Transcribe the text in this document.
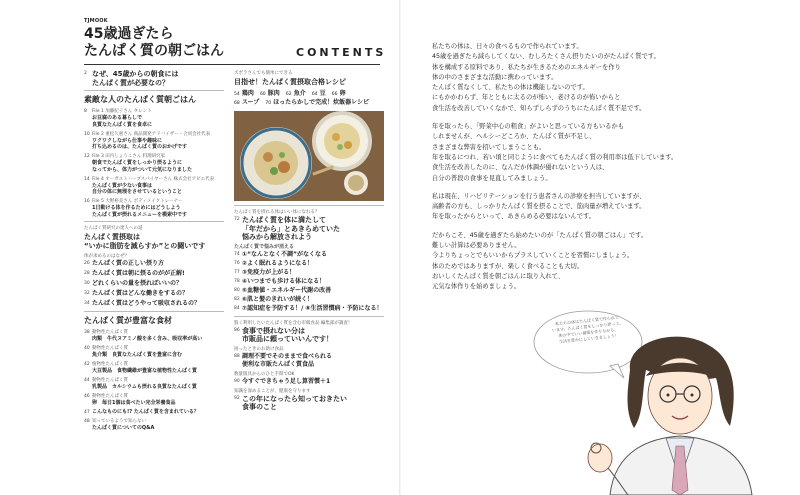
TJMOOK
45歳過ぎたら
たんぱく質の朝ごはん	CONTENTS
2 なぜ、45歳からの朝食には
たんぱく質が必要なの？
素敵な人のたんぱく質朝ごはん
8 File 1 加藤紀子さん タレント
お豆腐のある暮らしで
良質なたんぱく質を食卓に
10 File 2 重松久惠さん 商品開発アドバイザー・合同会社代表
ワクワクしながら仕事や趣味に
打ち込めるのは、たんぱく質のおかげです
12 File 3 田内しょうこさん 料理研究家
朝食でたんぱく質をしっかり摂るように
なってから、体力がついて元気になりました
14 File 4 オーガストハーブスパイヤーさん 株式会社アビエ代表
たんぱく質が少ない食事は
自分の体に無理をさせているということ
16 File 5 大野裕美さん ボディメイクトレーナー
1日動ける体を作るためにはどうしよう
たんぱく質が摂れるメニューを模索中です
たんぱく質研究の達人への道
たんぱく質摂取は
“いかに脂肪を減らすか”との闘いです
体が求めるのはなぜ？
26 たんぱく質の正しい摂り方
28 たんぱく質は朝に摂るのがが正解!
30 どれくらいの量を摂ればいいの？
32 たんぱく質はどんな働きをするの？
34 たんぱく質はどうやって吸収されるの？
たんぱく質が豊富な食材
38 動物性たんぱく質
肉類　牛代ヌアミノ酸を多く含み、吸収率が高い
40 動物性たんぱく質
魚介類　良質なたんぱく質を豊富に含む
42 植物性たんぱく質
大豆製品　食物繊維が豊富な植物性たんぱく質
44 動物性たんぱく質
乳製品　カルシウムも摂れる良質なたんぱく質
46 動物性たんぱく質
卵　毎日1個は食べたい完全栄養食品
47 こんなものにも!? たんぱく質を含まれている？
48 知っているようで知らない
たんぱく質についてのQ&A
ズボラさんでも簡単にできる
目指せ！たんぱく質摂取合格レシピ
54 鶏肉 60 豚肉 62 魚介 64 豆 66 卵
68 スープ 70 ほったらかしで完成！炊飯器レシピ
たんぱく質を摂れる体はいい体になれる？
72 たんぱく質を体に満たして
「年だから」とあきらめていた
悩みから解放されよう
たんぱく質で悩みが消える
74 ①“なんとなく不調”がなくなる
76 ②よく眠れるようになる！
77 ③免疫力が上がる！
78 ④いつまでも歩ける体になる！
80 ⑤血糖値・エネルギー代謝の改善
82 ⑥肌と髪のきれいが続く！
84 ⑦認知症を予防する！/ ⑧生活習慣病・予防になる！
賢く利用したいたんぱく質を含む市販食品 編集部が調査！
86 食事で摂れない分は
市販品に頼っていいんです！
困ったときのお助け食品
88 調理不要でそのままで食べられる
便利な市販たんぱく質食品
数量版具からのひと手間でOK
90 今すぐできちゃう足し算習慣＋1
知識を深めることが、健康を守ります
92 この年になったら知っておきたい
食事のこと

私たちの体は、日々の食べるもので作られています。
45歳を過ぎたら減らしてくない、むしろたくさん摂りたいのがたんぱく質です。
体を構成する原料であり、私たちが生きるためのエネルギーを作り
体の中のさまざまな活動に携わっています。
たんぱく質なくして、私たちの体は機能しないのです。
にもかかわらず、年とともに太るのが怖い、老けるのが怖いからと
食生活を改善していくなかで、知らずしらずのうちにたんぱく質不足です。

年を取ったら、「野菜中心の粗食」がよいと思っている方もいるかも
しれませんが、ヘルシーどころか、たんぱく質が不足し、
さまざまな弊害を招いてしまうことも。
年を取るにつれ、若い頃と同じように食べてもたんぱく質の利用率は低下しています。
食生活を改善したのに、なんだか体調が優れないという人は、
自分の普段の食事を見直してみましょう。

私は現在、リハビリテーションを行う患者さんの診療を担当していますが、
高齢者の方も、しっかりたんぱく質を摂ることで、筋肉量が増えています。
年を取ったからといって、あきらめる必要はないんです。

だからこそ、45歳を過ぎたら始めたいのが「たんぱく質の朝ごはん」です。
難しい計算は必要ありません。
今よりちょっとでもいいからプラスしていくことを習慣にしましょう。
体のためではありますが、楽しく食べることも大切。
おいしくたんぱく質を朝ごはんに取り入れて、
元気な体作りを始めましょう。

私たちの体はたんぱく質で作られて
います。たんぱく質をしっかり摂って、
体の中でいい循環を作りながら、
生活を豊かにしていきましょう！
